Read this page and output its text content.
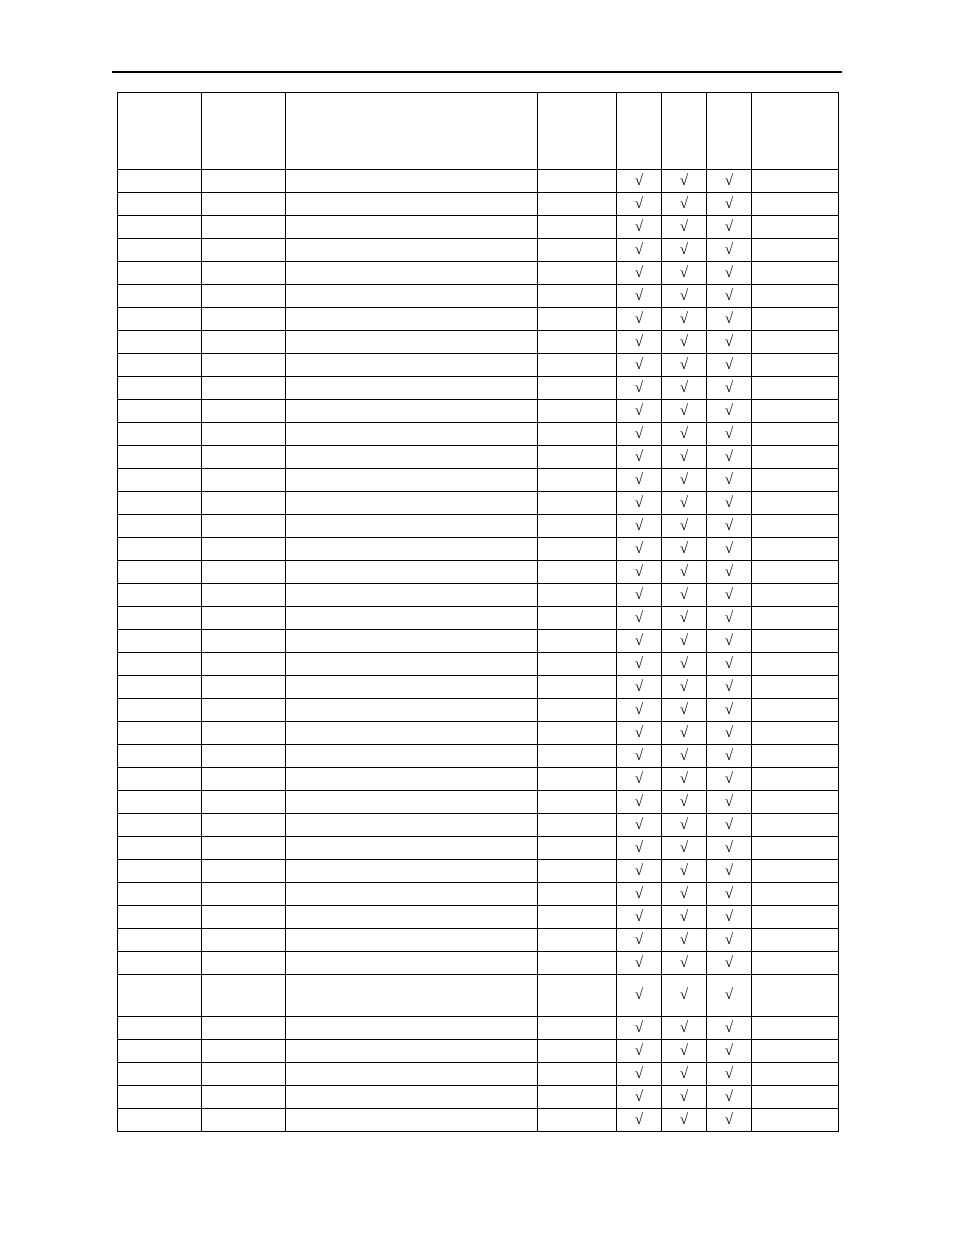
				√	√	√	
				√	√	√	
				√	√	√	
				√	√	√	
				√	√	√	
				√	√	√	
				√	√	√	
				√	√	√	
				√	√	√	
				√	√	√	
				√	√	√	
				√	√	√	
				√	√	√	
				√	√	√	
				√	√	√	
				√	√	√	
				√	√	√	
				√	√	√	
				√	√	√	
				√	√	√	
				√	√	√	
				√	√	√	
				√	√	√	
				√	√	√	
				√	√	√	
				√	√	√	
				√	√	√	
				√	√	√	
				√	√	√	
				√	√	√	
				√	√	√	
				√	√	√	
				√	√	√	
				√	√	√	
				√	√	√	
				√	√	√	
				√	√	√	
				√	√	√	
				√	√	√	
				√	√	√	
				√	√	√	
